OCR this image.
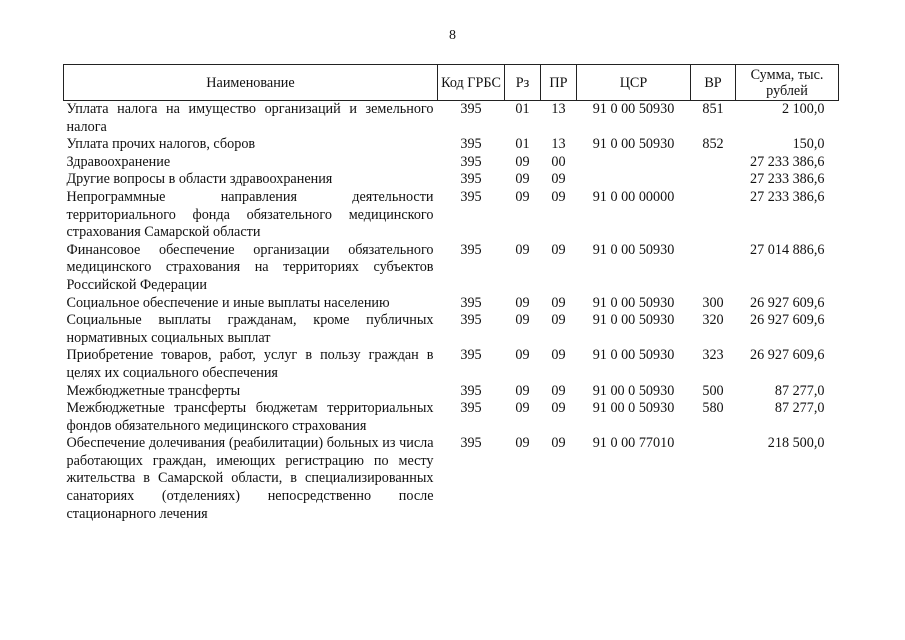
8
Наименование	Код ГРБС	Рз	ПР	ЦСР	ВР	Сумма, тыс. рублей
Уплата налога на имущество организаций и земельного налога	395	01	13	91 0 00 50930	851	2 100,0
Уплата прочих налогов, сборов	395	01	13	91 0 00 50930	852	150,0
Здравоохранение	395	09	00			27 233 386,6
Другие вопросы в области здравоохранения	395	09	09			27 233 386,6
Непрограммные направления деятельности территориального фонда обязательного медицинского страхования Самарской области	395	09	09	91 0 00 00000		27 233 386,6
Финансовое обеспечение организации обязательного медицинского страхования на территориях субъектов Российской Федерации	395	09	09	91 0 00 50930		27 014 886,6
Социальное обеспечение и иные выплаты населению	395	09	09	91 0 00 50930	300	26 927 609,6
Социальные выплаты гражданам, кроме публичных нормативных социальных выплат	395	09	09	91 0 00 50930	320	26 927 609,6
Приобретение товаров, работ, услуг в пользу граждан в целях их социального обеспечения	395	09	09	91 0 00 50930	323	26 927 609,6
Межбюджетные трансферты	395	09	09	91 00 0 50930	500	87 277,0
Межбюджетные трансферты бюджетам территориальных фондов обязательного медицинского страхования	395	09	09	91 00 0 50930	580	87 277,0
Обеспечение долечивания (реабилитации) больных из числа работающих граждан, имеющих регистрацию по месту жительства в Самарской области, в специализированных санаториях (отделениях) непосредственно после стационарного лечения	395	09	09	91 0 00 77010		218 500,0
